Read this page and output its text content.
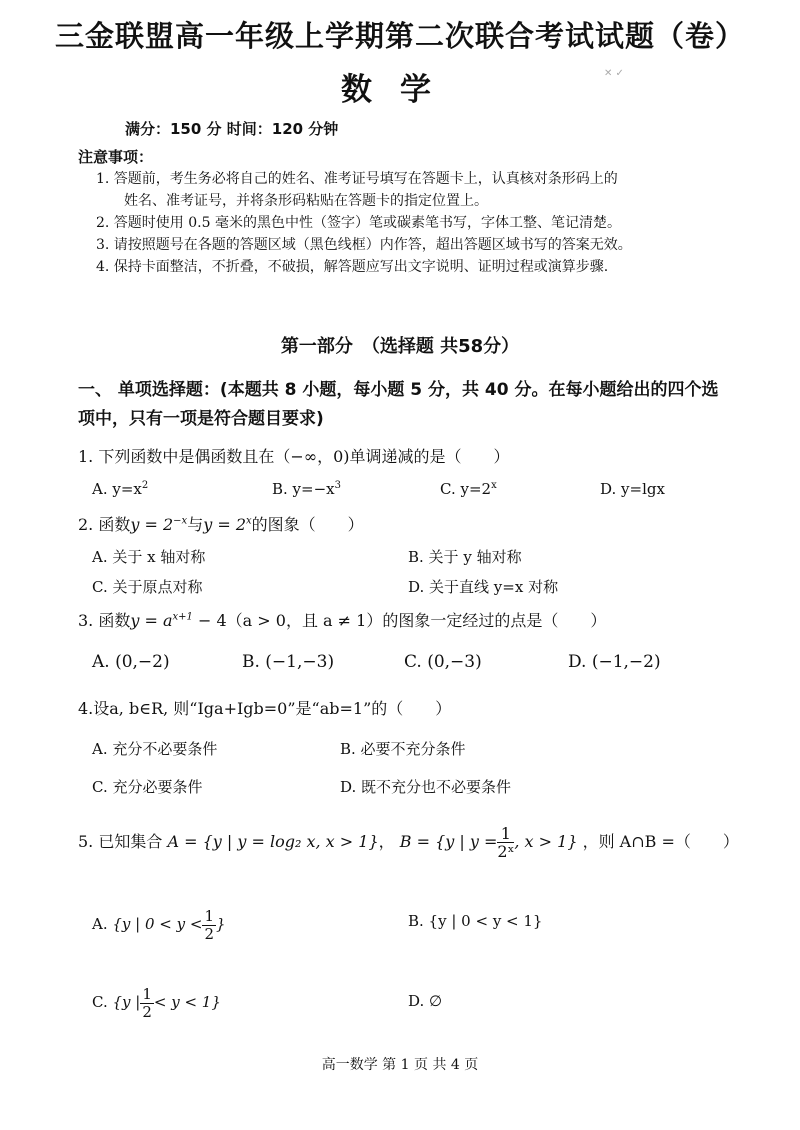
三金联盟高一年级上学期第二次联合考试试题（卷）
✕ ✓
数学
满分：150 分 时间：120 分钟
注意事项：
1. 答题前，考生务必将自己的姓名、准考证号填写在答题卡上，认真核对条形码上的
姓名、准考证号，并将条形码粘贴在答题卡的指定位置上。
2. 答题时使用 0.5 毫米的黑色中性（签字）笔或碳素笔书写，字体工整、笔记清楚。
3. 请按照题号在各题的答题区域（黑色线框）内作答，超出答题区域书写的答案无效。
4. 保持卡面整洁，不折叠，不破损，解答题应写出文字说明、证明过程或演算步骤.
第一部分　（选择题 共58分）
一、 单项选择题：(本题共 8 小题，每小题 5 分，共 40 分。在每小题给出的四个选项中，只有一项是符合题目要求)
1. 下列函数中是偶函数且在（−∞，0)单调递减的是（　　）
A. $y=x^2$	B. $y=-x^3$	C. $y=2^x$	D. y=lgx
2. 函数$y = 2^{-x}$与$y = 2^x$的图象（　　）
A. 关于 x 轴对称	B. 关于 y 轴对称
C. 关于原点对称	D. 关于直线 y=x 对称
3. 函数$y = a^{x+1} - 4(a > 0$，且 a ≠ 1）的图象一定经过的点是（　　）
A. (0,−2)	B. (−1,−3)	C. (0,−3)	D. (−1,−2)
4.设a, b∈R, 则“Iga+Igb=0”是“ab=1”的（　　）
A. 充分不必要条件	B. 必要不充分条件
C. 充分必要条件	D. 既不充分也不必要条件
5. 已知集合 A = {y | y = log₂ x, x > 1}， B = {y | $y = \frac{1}{\text{2ˣ}}$ , x > 1} ，则 A∩B =（　　）
A. {y | $0 < y < \frac{1}{2}$ }	B. {y | 0 < y < 1}
C. {y | $\frac{1}{2} < y < 1$}	D. ∅
高一数学 第 1 页 共 4 页
